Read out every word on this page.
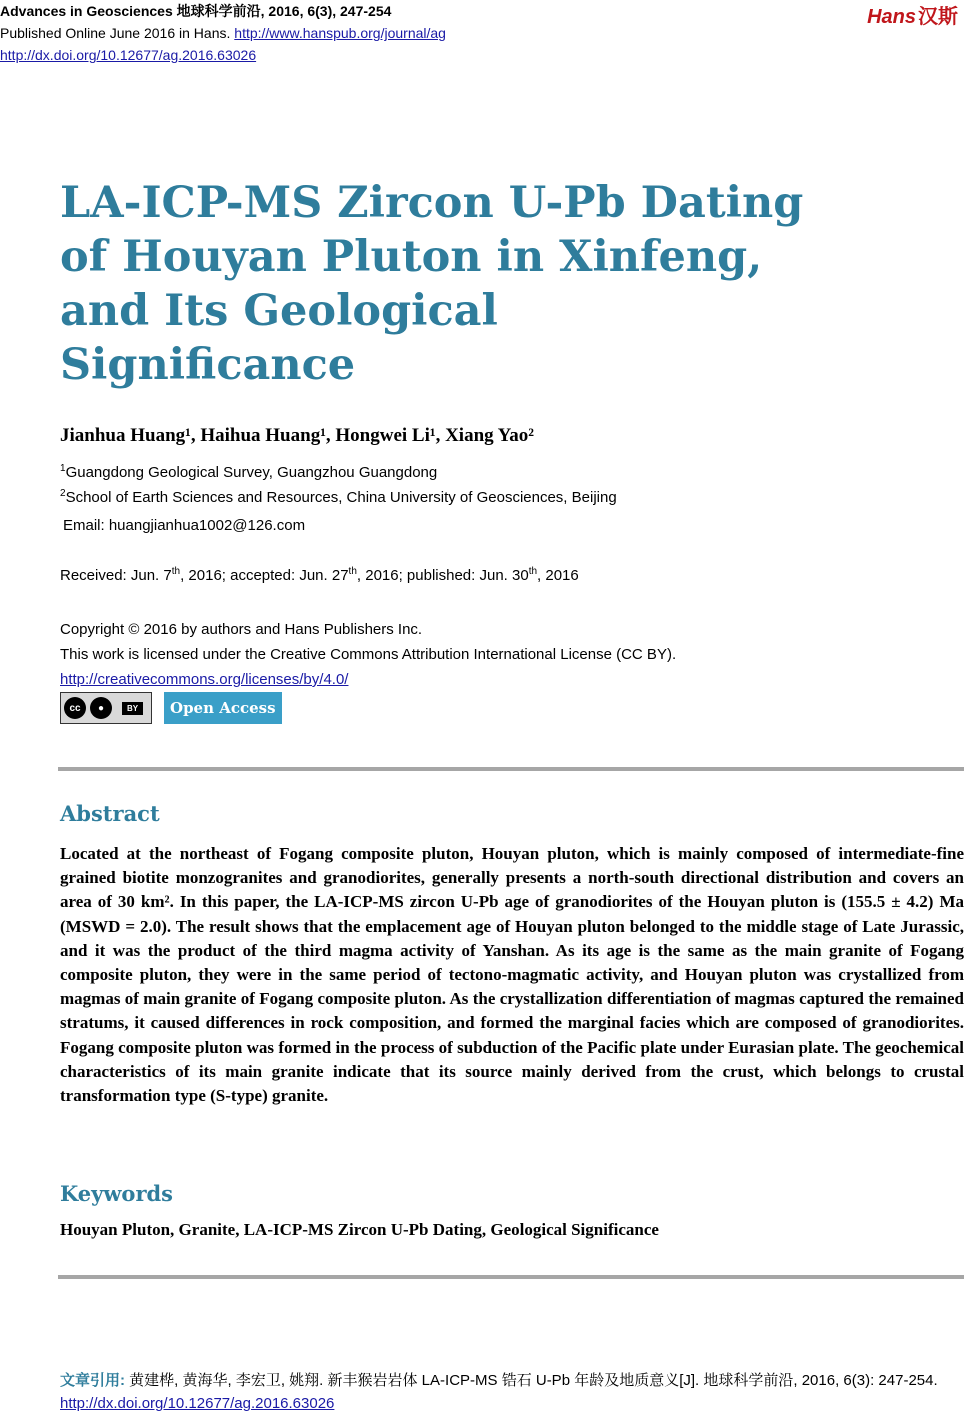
Advances in Geosciences 地球科学前沿, 2016, 6(3), 247-254
Published Online June 2016 in Hans. http://www.hanspub.org/journal/ag
http://dx.doi.org/10.12677/ag.2016.63026
Hans 汉斯
LA-ICP-MS Zircon U-Pb Dating
of Houyan Pluton in Xinfeng,
and Its Geological
Significance
Jianhua Huang¹, Haihua Huang¹, Hongwei Li¹, Xiang Yao²
$^1$Guangdong Geological Survey, Guangzhou Guangdong
$^2$School of Earth Sciences and Resources, China University of Geosciences, Beijing
Email: huangjianhua1002@126.com
Received: Jun. 7th, 2016; accepted: Jun. 27th, 2016; published: Jun. 30th, 2016
Copyright © 2016 by authors and Hans Publishers Inc.
This work is licensed under the Creative Commons Attribution International License (CC BY).
http://creativecommons.org/licenses/by/4.0/
cc	●	BY	Open Access
Abstract

Located at the northeast of Fogang composite pluton, Houyan pluton, which is mainly composed of intermediate-fine grained biotite monzogranites and granodiorites, generally presents a north-south directional distribution and covers an area of 30 km². In this paper, the LA-ICP-MS zircon U-Pb age of granodiorites of the Houyan pluton is (155.5 ± 4.2) Ma (MSWD = 2.0). The result shows that the emplacement age of Houyan pluton belonged to the middle stage of Late Jurassic, and it was the product of the third magma activity of Yanshan. As its age is the same as the main granite of Fogang composite pluton, they were in the same period of tectono-magmatic activity, and Houyan pluton was crystallized from magmas of main granite of Fogang composite pluton. As the crystallization differentiation of magmas captured the remained stratums, it caused differences in rock composition, and formed the marginal facies which are composed of granodiorites. Fogang composite pluton was formed in the process of subduction of the Pacific plate under Eurasian plate. The geochemical characteristics of its main granite indicate that its source mainly derived from the crust, which belongs to crustal transformation type (S-type) granite.

Keywords
Houyan Pluton, Granite, LA-ICP-MS Zircon U-Pb Dating, Geological Significance
文章引用: 黄建桦, 黄海华, 李宏卫, 姚翔. 新丰猴岩岩体 LA-ICP-MS 锆石 U-Pb 年龄及地质意义[J]. 地球科学前沿, 2016, 6(3): 247-254. http://dx.doi.org/10.12677/ag.2016.63026
